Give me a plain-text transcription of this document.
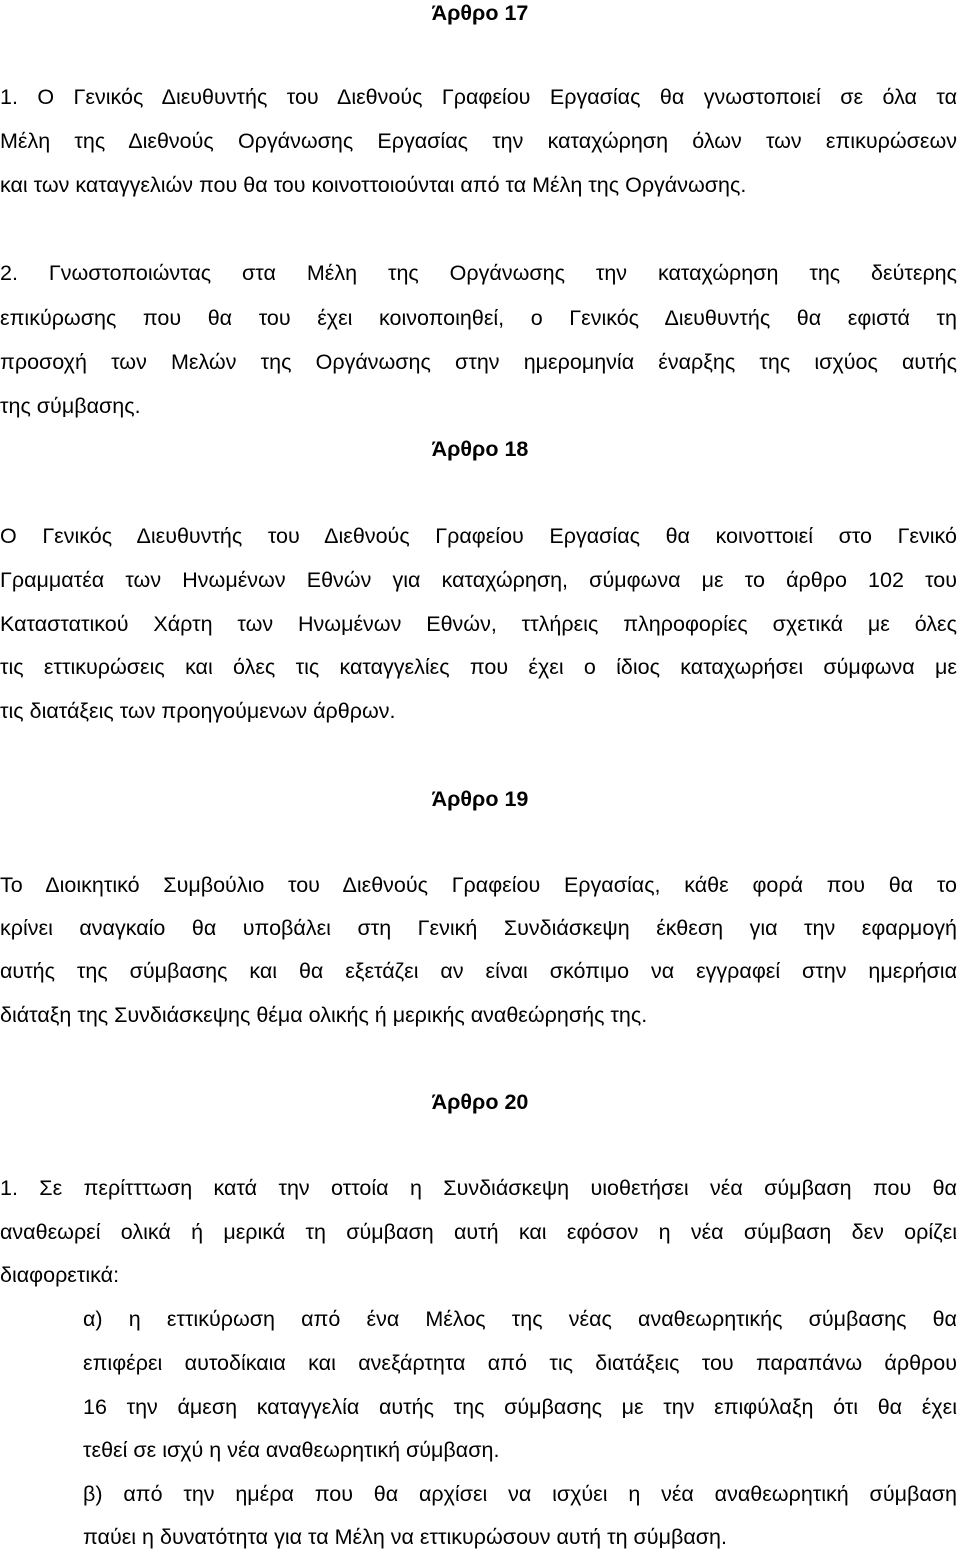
Άρθρο 17
1. Ο Γενικός Διευθυντής του Διεθνούς Γραφείου Εργασίας θα γνωστοποιεί σε όλα τα
Μέλη της Διεθνούς Οργάνωσης Εργασίας την καταχώρηση όλων των επικυρώσεων
και των καταγγελιών που θα του κοινοττοιούνται από τα Μέλη της Οργάνωσης.
2. Γνωστοποιώντας στα Μέλη της Οργάνωσης την καταχώρηση της δεύτερης
επικύρωσης που θα του έχει κοινοποιηθεί, ο Γενικός Διευθυντής θα εφιστά τη
προσοχή των Μελών της Οργάνωσης στην ημερομηνία έναρξης της ισχύος αυτής
της σύμβασης.
Άρθρο 18
Ο Γενικός Διευθυντής του Διεθνούς Γραφείου Εργασίας θα κοινοττοιεί στο Γενικό
Γραμματέα των Ηνωμένων Εθνών για καταχώρηση, σύμφωνα με το άρθρο 102 του
Καταστατικού Χάρτη των Ηνωμένων Εθνών, ττλήρεις πληροφορίες σχετικά με όλες
τις εττικυρώσεις και όλες τις καταγγελίες που έχει ο ίδιος καταχωρήσει σύμφωνα με
τις διατάξεις των προηγούμενων άρθρων.
Άρθρο 19
Το Διοικητικό Συμβούλιο του Διεθνούς Γραφείου Εργασίας, κάθε φορά που θα το
κρίνει αναγκαίο θα υποβάλει στη Γενική Συνδιάσκεψη έκθεση για την εφαρμογή
αυτής της σύμβασης και θα εξετάζει αν είναι σκόπιμο να εγγραφεί στην ημερήσια
διάταξη της Συνδιάσκεψης θέμα ολικής ή μερικής αναθεώρησής της.
Άρθρο 20
1. Σε περίτττωση κατά την οττοία η Συνδιάσκεψη υιοθετήσει νέα σύμβαση που θα
αναθεωρεί ολικά ή μερικά τη σύμβαση αυτή και εφόσον η νέα σύμβαση δεν ορίζει
διαφορετικά:
α) η εττικύρωση από ένα Μέλος της νέας αναθεωρητικής σύμβασης θα
επιφέρει αυτοδίκαια και ανεξάρτητα από τις διατάξεις του παραπάνω άρθρου
16 την άμεση καταγγελία αυτής της σύμβασης με την επιφύλαξη ότι θα έχει
τεθεί σε ισχύ η νέα αναθεωρητική σύμβαση.
β) από την ημέρα που θα αρχίσει να ισχύει η νέα αναθεωρητική σύμβαση
παύει η δυνατότητα για τα Μέλη να εττικυρώσουν αυτή τη σύμβαση.
